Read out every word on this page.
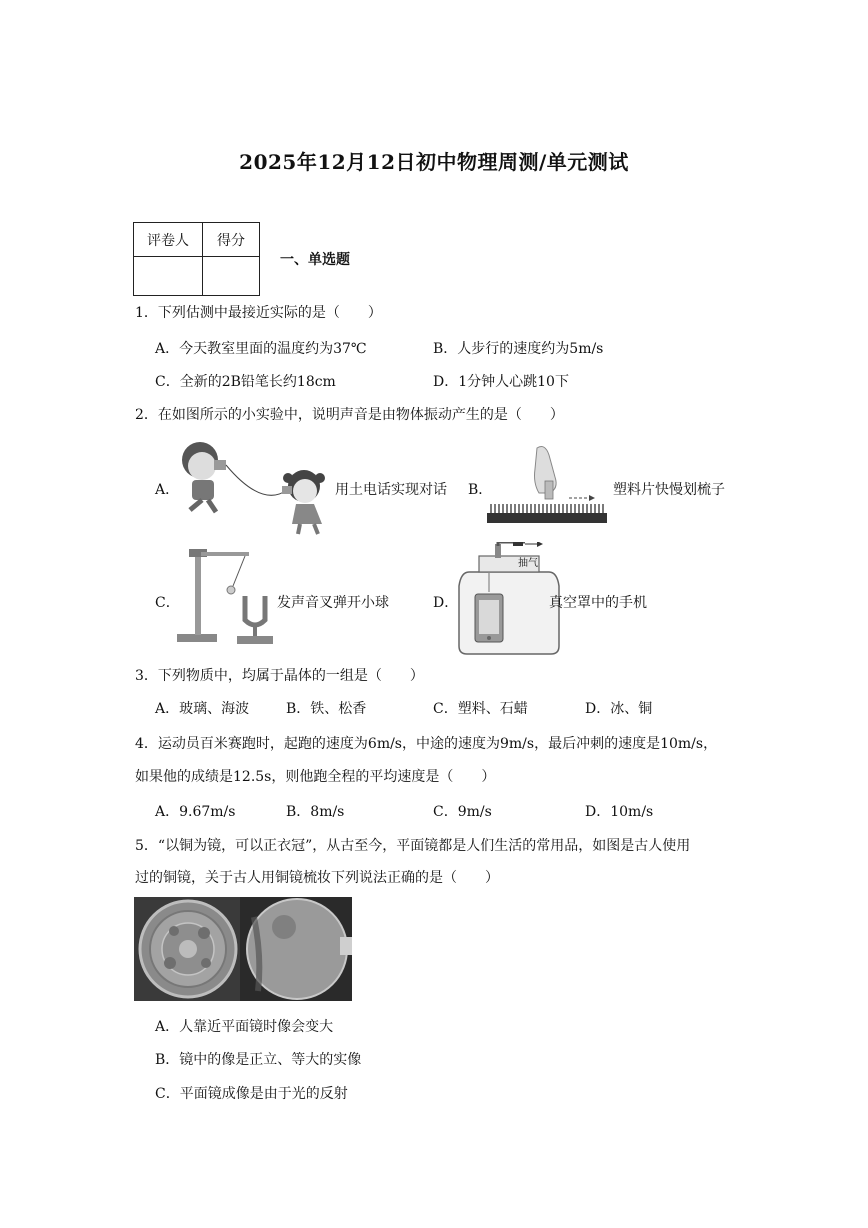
2025年12月12日初中物理周测/单元测试
评卷人	得分

一、单选题
1．下列估测中最接近实际的是（　　）
A．今天教室里面的温度约为37℃	B．人步行的速度约为5m/s
C．全新的2B铅笔长约18cm	D．1分钟人心跳10下
2．在如图所示的小实验中，说明声音是由物体振动产生的是（　　）
A．	用土电话实现对话 B．	塑料片快慢划梳子
C．	发声音叉弹开小球	D．
抽气
真空罩中的手机
3．下列物质中，均属于晶体的一组是（　　）
A．玻璃、海波	B．铁、松香	C．塑料、石蜡	D．冰、铜
4．运动员百米赛跑时，起跑的速度为6m/s，中途的速度为9m/s，最后冲刺的速度是10m/s，
如果他的成绩是12.5s，则他跑全程的平均速度是（　　）
A．9.67m/s	B．8m/s	C．9m/s	D．10m/s
5．“以铜为镜，可以正衣冠”，从古至今，平面镜都是人们生活的常用品，如图是古人使用
过的铜镜，关于古人用铜镜梳妆下列说法正确的是（　　）
A．人靠近平面镜时像会变大
B．镜中的像是正立、等大的实像
C．平面镜成像是由于光的反射
